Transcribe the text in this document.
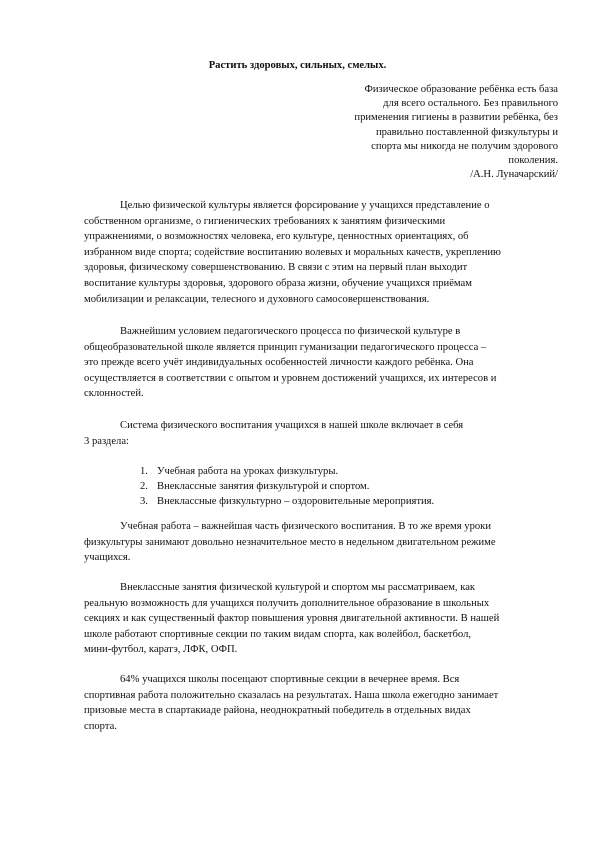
Растить здоровых, сильных, смелых.
Физическое образование ребёнка есть база
для всего остального. Без правильного
применения гигиены в развитии ребёнка, без
правильно поставленной физкультуры и
спорта мы никогда не получим здорового
поколения.
/А.Н. Луначарский/
Целью физической культуры является форсирование у учащихся представление о
собственном организме, о гигиенических требованиях к занятиям физическими
упражнениями, о возможностях человека, его культуре, ценностных ориентациях, об
избранном виде спорта; содействие воспитанию волевых и моральных качеств, укреплению
здоровья, физическому совершенствованию. В связи с этим на первый план выходит
воспитание культуры здоровья, здорового образа жизни, обучение учащихся приёмам
мобилизации и релаксации, телесного и духовного самосовершенствования.
Важнейшим условием педагогического процесса по физической культуре в
общеобразовательной школе является принцип гуманизации педагогического процесса –
это прежде всего учёт индивидуальных особенностей личности каждого ребёнка. Она
осуществляется в соответствии с опытом и уровнем достижений учащихся, их интересов и
склонностей.
Система физического воспитания учащихся в нашей школе включает в себя
3 раздела:
1. Учебная работа на уроках физкультуры.
2. Внеклассные занятия физкультурой и спортом.
3. Внеклассные физкультурно – оздоровительные мероприятия.
Учебная работа – важнейшая часть физического воспитания. В то же время уроки
физкультуры занимают довольно незначительное место в недельном двигательном режиме
учащихся.
Внеклассные занятия физической культурой и спортом мы рассматриваем, как
реальную возможность для учащихся получить дополнительное образование в школьных
секциях и как существенный фактор повышения уровня двигательной активности. В нашей
школе работают спортивные секции по таким видам спорта, как волейбол, баскетбол,
мини-футбол, каратэ, ЛФК, ОФП.
64% учащихся школы посещают спортивные секции в вечернее время. Вся
спортивная работа положительно сказалась на результатах. Наша школа ежегодно занимает
призовые места в спартакиаде района, неоднократный победитель в отдельных видах
спорта.
